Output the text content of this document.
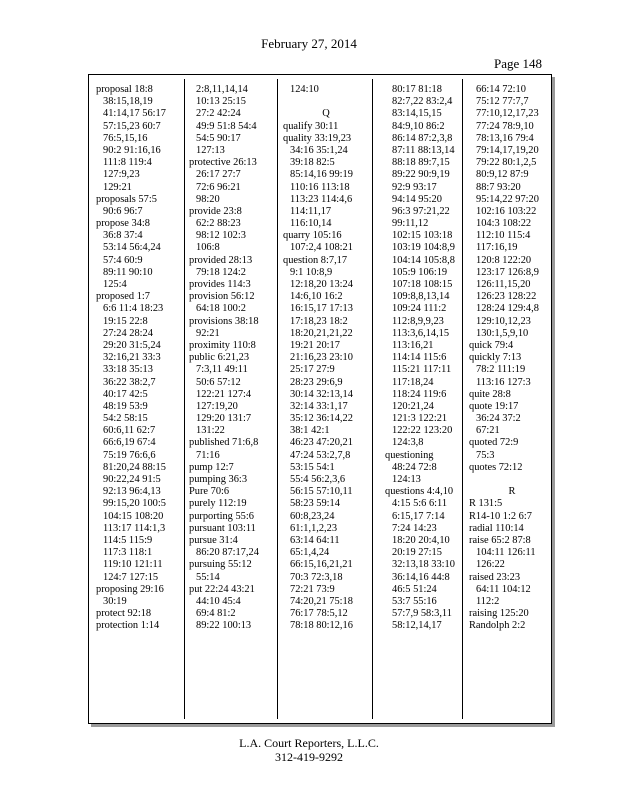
February 27, 2014
Page 148
proposal 18:8
38:15,18,19
41:14,17 56:17
57:15,23 60:7
76:5,15,16
90:2 91:16,16
111:8 119:4
127:9,23
129:21
proposals 57:5
90:6 96:7
propose 34:8
36:8 37:4
53:14 56:4,24
57:4 60:9
89:11 90:10
125:4
proposed 1:7
6:6 11:4 18:23
19:15 22:8
27:24 28:24
29:20 31:5,24
32:16,21 33:3
33:18 35:13
36:22 38:2,7
40:17 42:5
48:19 53:9
54:2 58:15
60:6,11 62:7
66:6,19 67:4
75:19 76:6,6
81:20,24 88:15
90:22,24 91:5
92:13 96:4,13
99:15,20 100:5
104:15 108:20
113:17 114:1,3
114:5 115:9
117:3 118:1
119:10 121:11
124:7 127:15
proposing 29:16
30:19
protect 92:18
protection 1:14
2:8,11,14,14
10:13 25:15
27:2 42:24
49:9 51:8 54:4
54:5 90:17
127:13
protective 26:13
26:17 27:7
72:6 96:21
98:20
provide 23:8
62:2 88:23
98:12 102:3
106:8
provided 28:13
79:18 124:2
provides 114:3
provision 56:12
64:18 100:2
provisions 38:18
92:21
proximity 110:8
public 6:21,23
7:3,11 49:11
50:6 57:12
122:21 127:4
127:19,20
129:20 131:7
131:22
published 71:6,8
71:16
pump 12:7
pumping 36:3
Pure 70:6
purely 112:19
purporting 55:6
pursuant 103:11
pursue 31:4
86:20 87:17,24
pursuing 55:12
55:14
put 22:24 43:21
44:10 45:4
69:4 81:2
89:22 100:13
124:10
Q
qualify 30:11
quality 33:19,23
34:16 35:1,24
39:18 82:5
85:14,16 99:19
110:16 113:18
113:23 114:4,6
114:11,17
116:10,14
quarry 105:16
107:2,4 108:21
question 8:7,17
9:1 10:8,9
12:18,20 13:24
14:6,10 16:2
16:15,17 17:13
17:18,23 18:2
18:20,21,21,22
19:21 20:17
21:16,23 23:10
25:17 27:9
28:23 29:6,9
30:14 32:13,14
32:14 33:1,17
35:12 36:14,22
38:1 42:1
46:23 47:20,21
47:24 53:2,7,8
53:15 54:1
55:4 56:2,3,6
56:15 57:10,11
58:23 59:14
60:8,23,24
61:1,1,2,23
63:14 64:11
65:1,4,24
66:15,16,21,21
70:3 72:3,18
72:21 73:9
74:20,21 75:18
76:17 78:5,12
78:18 80:12,16
80:17 81:18
82:7,22 83:2,4
83:14,15,15
84:9,10 86:2
86:14 87:2,3,8
87:11 88:13,14
88:18 89:7,15
89:22 90:9,19
92:9 93:17
94:14 95:20
96:3 97:21,22
99:11,12
102:15 103:18
103:19 104:8,9
104:14 105:8,8
105:9 106:19
107:18 108:15
109:8,8,13,14
109:24 111:2
112:8,9,9,23
113:3,6,14,15
113:16,21
114:14 115:6
115:21 117:11
117:18,24
118:24 119:6
120:21,24
121:3 122:21
122:22 123:20
124:3,8
questioning
48:24 72:8
124:13
questions 4:4,10
4:15 5:6 6:11
6:15,17 7:14
7:24 14:23
18:20 20:4,10
20:19 27:15
32:13,18 33:10
36:14,16 44:8
46:5 51:24
53:7 55:16
57:7,9 58:3,11
58:12,14,17
66:14 72:10
75:12 77:7,7
77:10,12,17,23
77:24 78:9,10
78:13,16 79:4
79:14,17,19,20
79:22 80:1,2,5
80:9,12 87:9
88:7 93:20
95:14,22 97:20
102:16 103:22
104:3 108:22
112:10 115:4
117:16,19
120:8 122:20
123:17 126:8,9
126:11,15,20
126:23 128:22
128:24 129:4,8
129:10,12,23
130:1,5,9,10
quick 79:4
quickly 7:13
78:2 111:19
113:16 127:3
quite 28:8
quote 19:17
36:24 37:2
67:21
quoted 72:9
75:3
quotes 72:12
R
R 131:5
R14-10 1:2 6:7
radial 110:14
raise 65:2 87:8
104:11 126:11
126:22
raised 23:23
64:11 104:12
112:2
raising 125:20
Randolph 2:2
L.A. Court Reporters, L.L.C.
312-419-9292
